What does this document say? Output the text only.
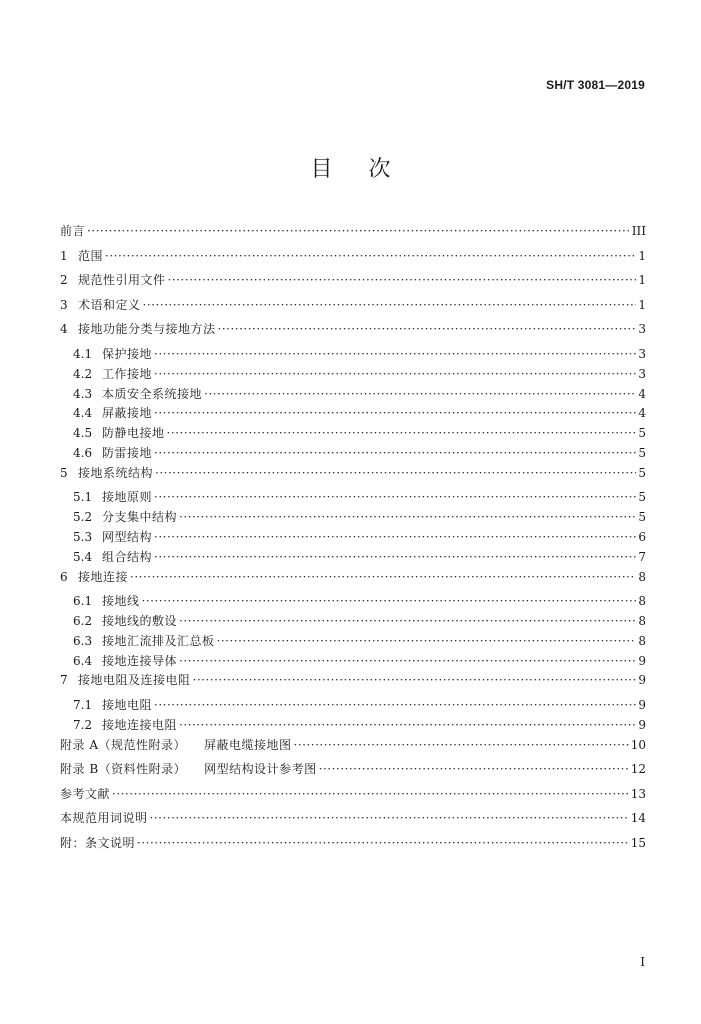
SH/T 3081—2019
目次
前言 ·····	III
1 范围 ·····	1
2 规范性引用文件 ·····	1
3 术语和定义 ·····	1
4 接地功能分类与接地方法 ·····	3
4.1 保护接地 ·····	3
4.2 工作接地 ·····	3
4.3 本质安全系统接地 ·····	4
4.4 屏蔽接地 ·····	4
4.5 防静电接地 ·····	5
4.6 防雷接地 ·····	5
5 接地系统结构 ·····	5
5.1 接地原则 ·····	5
5.2 分支集中结构 ·····	5
5.3 网型结构 ·····	6
5.4 组合结构 ·····	7
6 接地连接 ·····	8
6.1 接地线 ·····	8
6.2 接地线的敷设 ·····	8
6.3 接地汇流排及汇总板 ·····	8
6.4 接地连接导体 ·····	9
7 接地电阻及连接电阻 ·····	9
7.1 接地电阻 ·····	9
7.2 接地连接电阻 ·····	9
附录 A（规范性附录） 屏蔽电缆接地图 ·····	10
附录 B（资料性附录） 网型结构设计参考图 ·····	12
参考文献 ·····	13
本规范用词说明 ·····	14
附：条文说明 ·····	15
I
